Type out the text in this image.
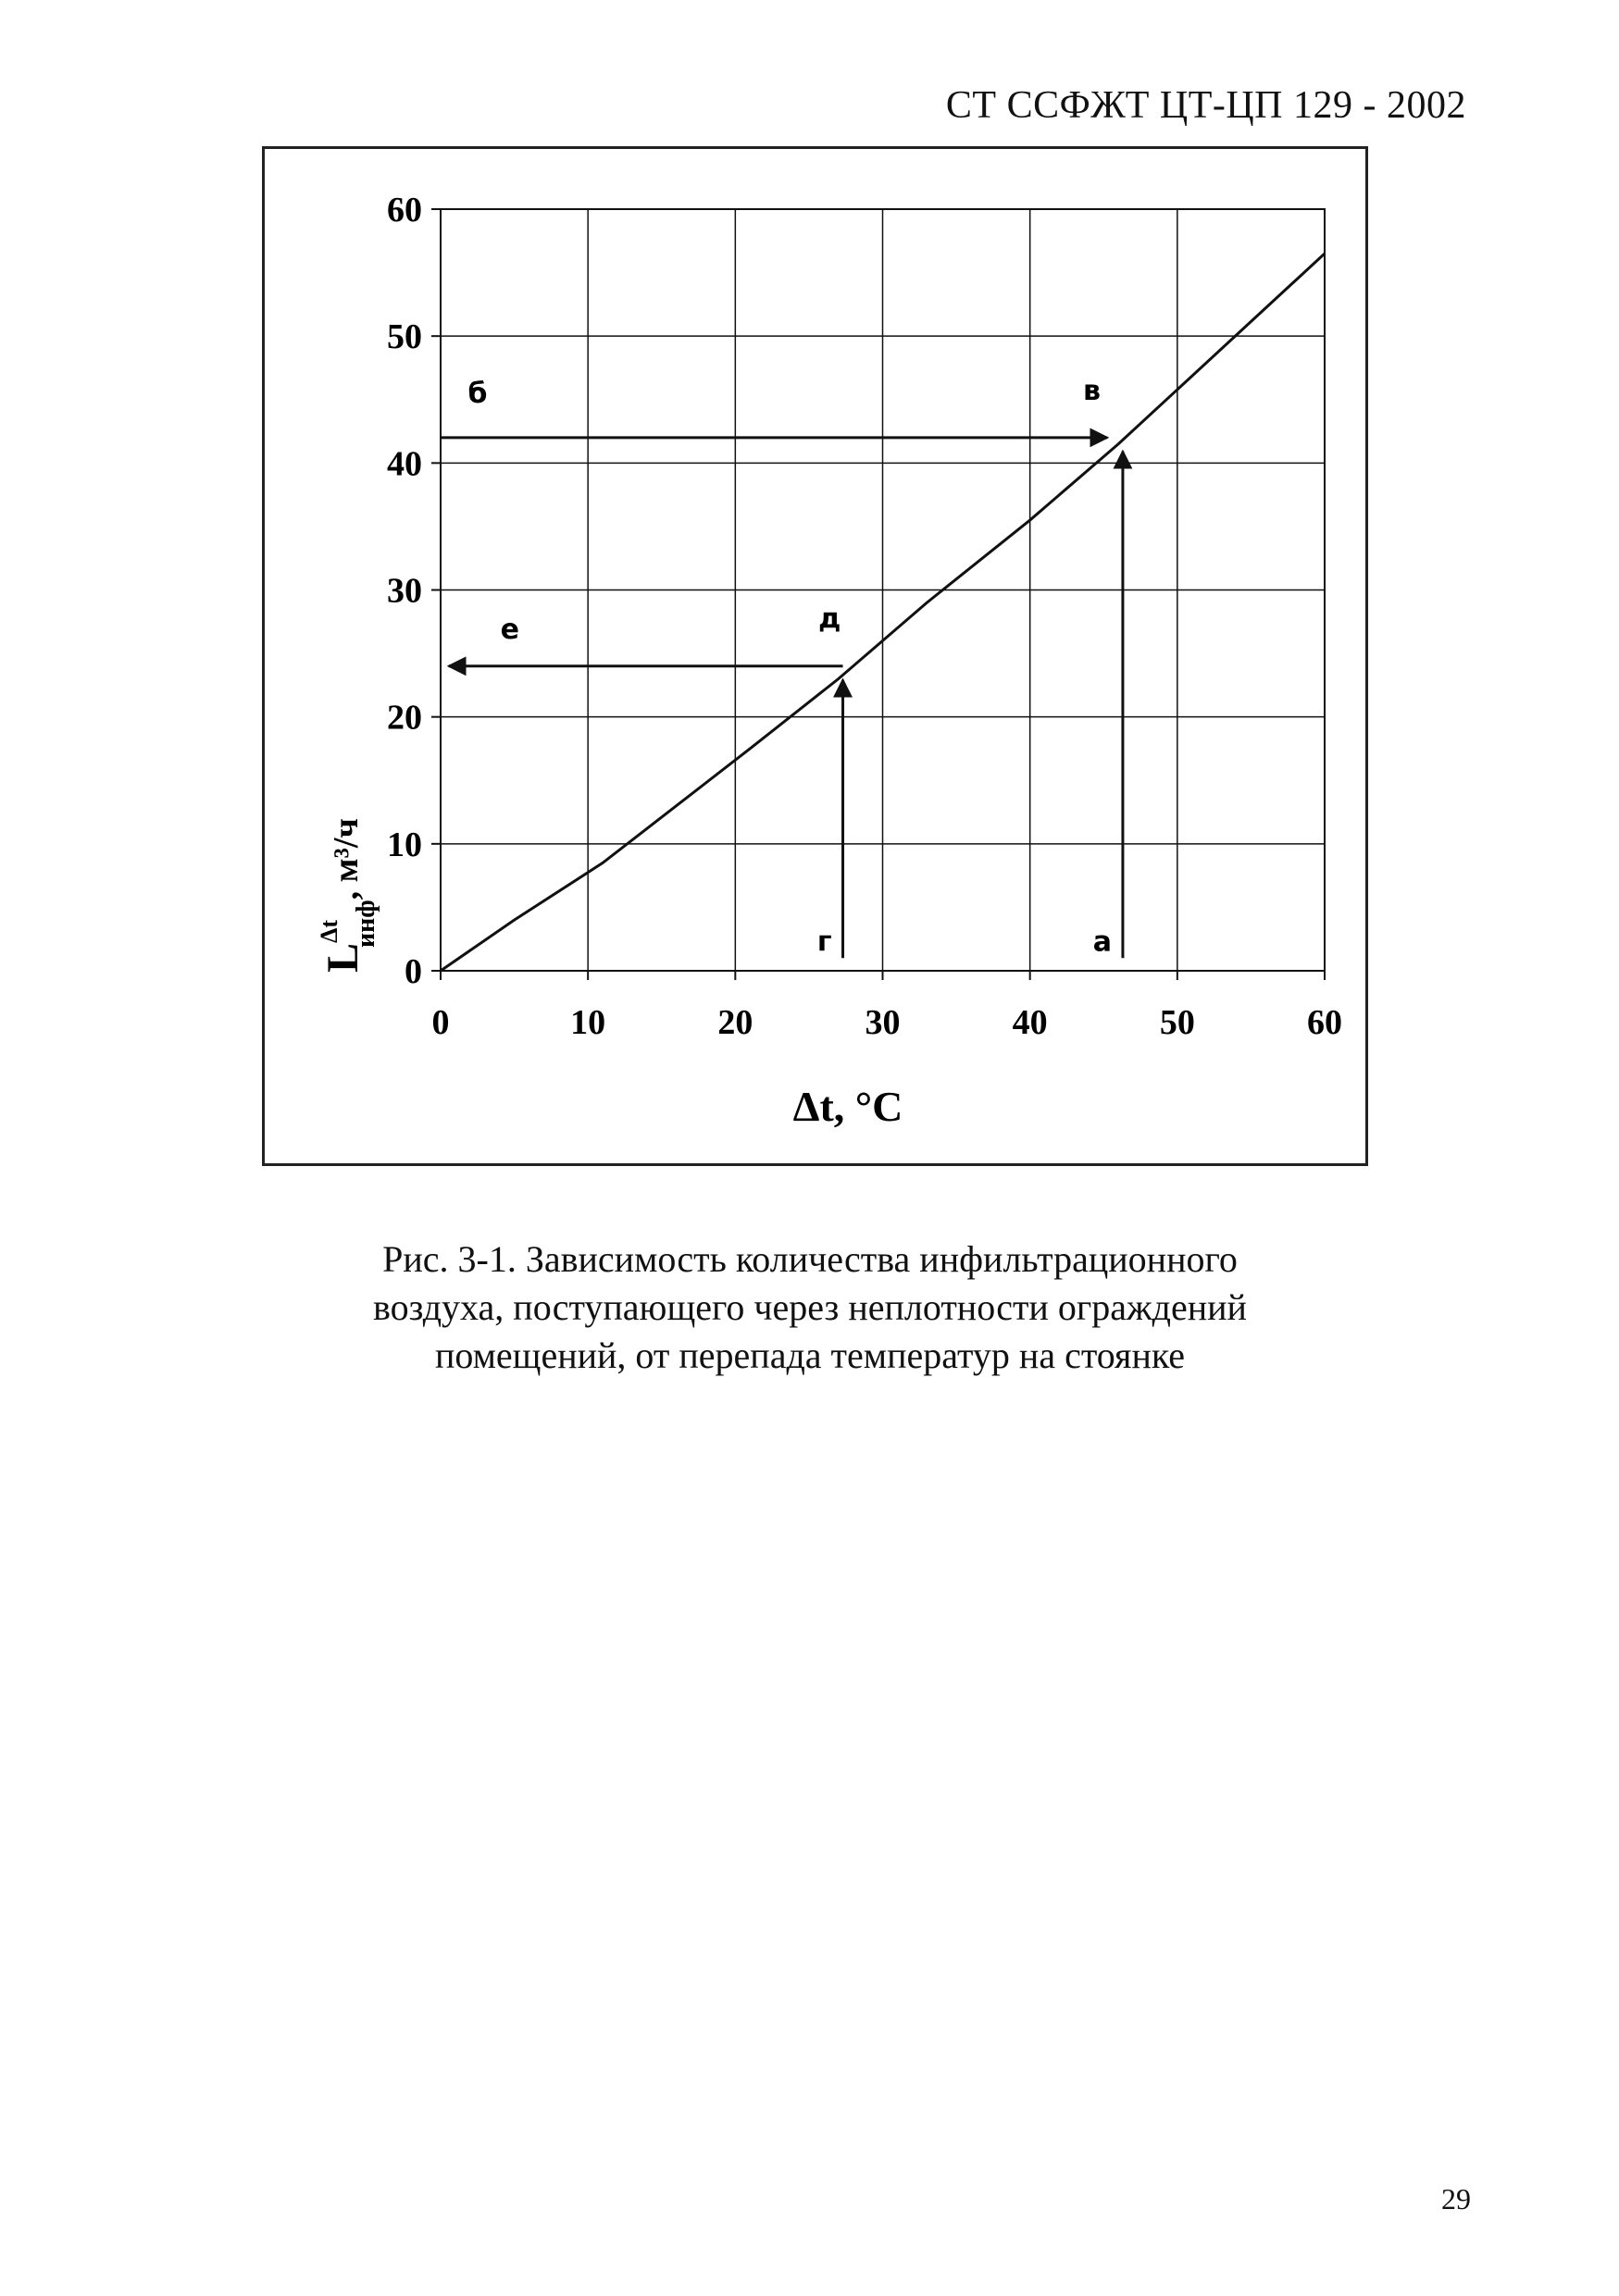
СТ ССФЖТ ЦТ-ЦП 129 - 2002
а
в
б
г
д
е
0	10	20	30	40	50	60
0
10
20
30
40
50
60
Δt, °C
LΔt инф, м³/ч
Рис. 3-1. Зависимость количества инфильтрационного
воздуха, поступающего через неплотности ограждений
помещений, от перепада температур на стоянке
29
